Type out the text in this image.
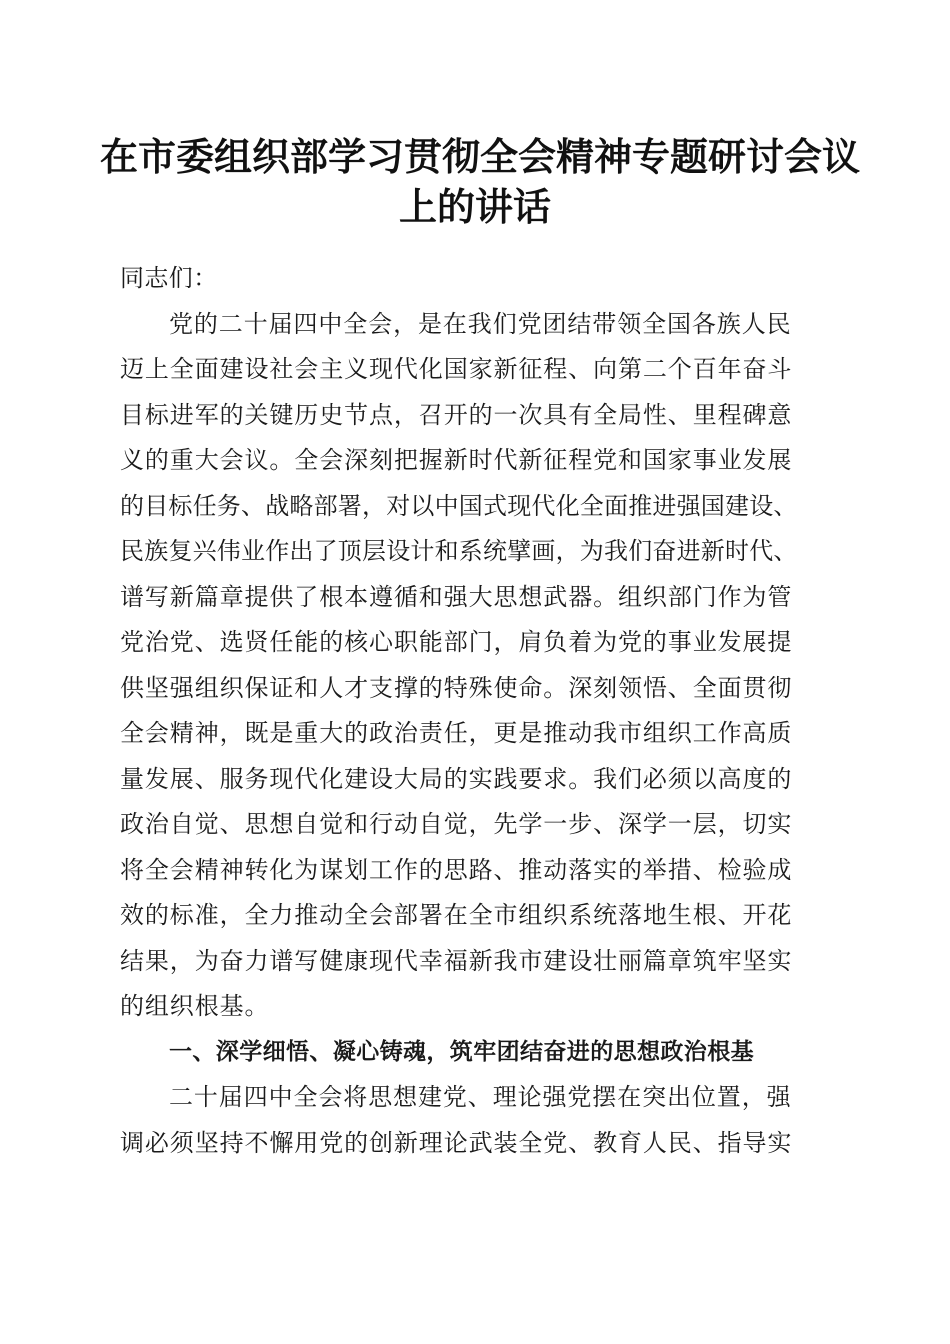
在市委组织部学习贯彻全会精神专题研讨会议
上的讲话

同志们：

党的二十届四中全会，是在我们党团结带领全国各族人民
迈上全面建设社会主义现代化国家新征程、向第二个百年奋斗
目标进军的关键历史节点，召开的一次具有全局性、里程碑意
义的重大会议。全会深刻把握新时代新征程党和国家事业发展
的目标任务、战略部署，对以中国式现代化全面推进强国建设、
民族复兴伟业作出了顶层设计和系统擘画，为我们奋进新时代、
谱写新篇章提供了根本遵循和强大思想武器。组织部门作为管
党治党、选贤任能的核心职能部门，肩负着为党的事业发展提
供坚强组织保证和人才支撑的特殊使命。深刻领悟、全面贯彻
全会精神，既是重大的政治责任，更是推动我市组织工作高质
量发展、服务现代化建设大局的实践要求。我们必须以高度的
政治自觉、思想自觉和行动自觉，先学一步、深学一层，切实
将全会精神转化为谋划工作的思路、推动落实的举措、检验成
效的标准，全力推动全会部署在全市组织系统落地生根、开花
结果，为奋力谱写健康现代幸福新我市建设壮丽篇章筑牢坚实
的组织根基。

一、深学细悟、凝心铸魂，筑牢团结奋进的思想政治根基

二十届四中全会将思想建党、理论强党摆在突出位置，强
调必须坚持不懈用党的创新理论武装全党、教育人民、指导实
